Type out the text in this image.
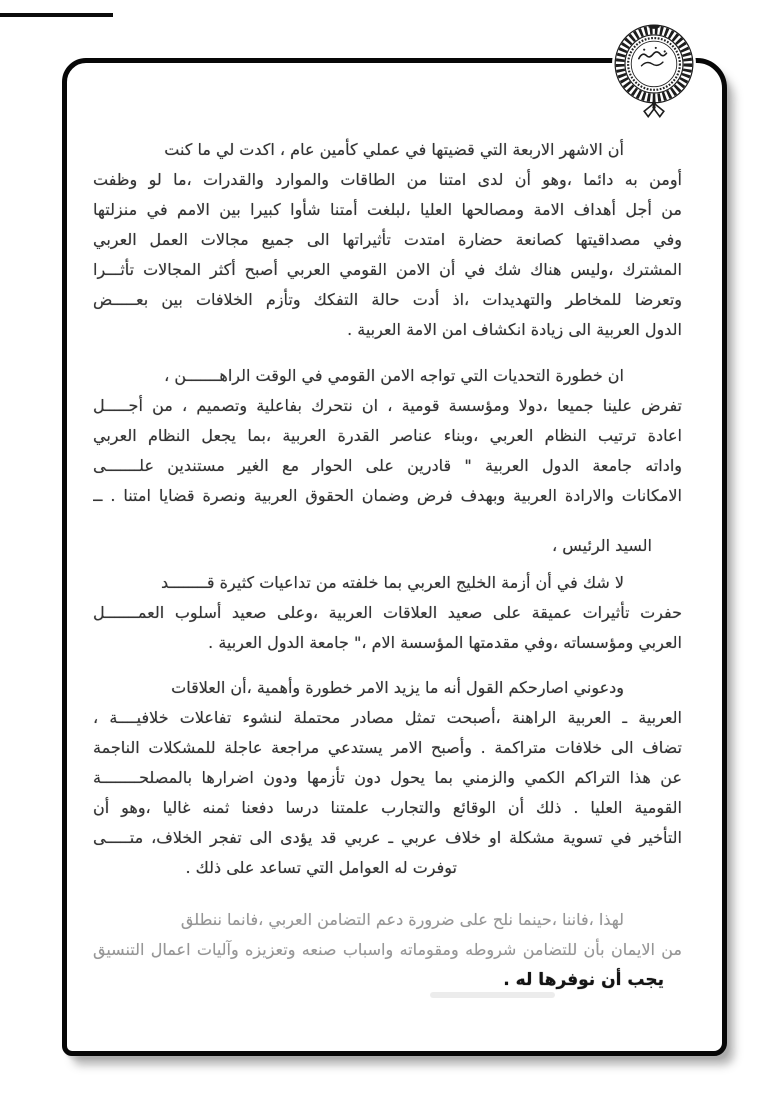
أن الاشهر الاربعة التي قضيتها في عملي كأمين عام ، اكدت لي ما كنت
أومن به دائما ،وهو أن لدى امتنا من الطاقات والموارد والقدرات ،ما لو وظفت
من أجل أهداف الامة ومصالحها العليا ،لبلغت أمتنا شأوا كبيرا بين الامم في منزلتها
وفي مصداقيتها كصانعة حضارة امتدت تأثيراتها الى جميع مجالات العمل العربي
المشترك ،وليس هناك شك في أن الامن القومي العربي أصبح أكثر المجالات تأثـــرا
وتعرضا للمخاطر والتهديدات ،اذ أدت حالة التفكك وتأزم الخلافات بين بعـــــض
الدول العربية الى زيادة انكشاف امن الامة العربية .
ان خطورة التحديات التي تواجه الامن القومي في الوقت الراهـــــــن ،
تفرض علينا جميعا ،دولا ومؤسسة قومية ، ان نتحرك بفاعلية وتصميم ، من أجـــــل
اعادة ترتيب النظام العربي ،وبناء عناصر القدرة العربية ،بما يجعل النظام العربي
واداته جامعة الدول العربية " قادرين على الحوار مع الغير مستندين علـــــــى
الامكانات والارادة العربية وبهدف فرض وضمان الحقوق العربية ونصرة قضايا امتنا . ــ
السيد الرئيس ،
لا شك في أن أزمة الخليج العربي بما خلفته من تداعيات كثيرة قــــــــد
حفرت تأثيرات عميقة على صعيد العلاقات العربية ،وعلى صعيد أسلوب العمـــــــل
العربي ومؤسساته ،وفي مقدمتها المؤسسة الام ،" جامعة الدول العربية .
ودعوني اصارحكم القول أنه ما يزيد الامر خطورة وأهمية ،أن العلاقات
العربية ـ العربية الراهنة ،أصبحت تمثل مصادر محتملة لنشوء تفاعلات خلافيــــة ،
تضاف الى خلافات متراكمة . وأصبح الامر يستدعي مراجعة عاجلة للمشكلات الناجمة
عن هذا التراكم الكمي والزمني بما يحول دون تأزمها ودون اضرارها بالمصلحــــــــة
القومية العليا . ذلك أن الوقائع والتجارب علمتنا درسا دفعنا ثمنه غاليا ،وهو أن
التأخير في تسوية مشكلة او خلاف عربي ـ عربي قد يؤدى الى تفجر الخلاف، متـــــى
توفرت له العوامل التي تساعد على ذلك .
لهذا ،فاننا ،حينما نلح على ضرورة دعم التضامن العربي ،فانما ننطلق
من الايمان بأن للتضامن شروطه ومقوماته واسباب صنعه وتعزيزه وآليات اعمال التنسيق
يجب أن نوفرها له .
